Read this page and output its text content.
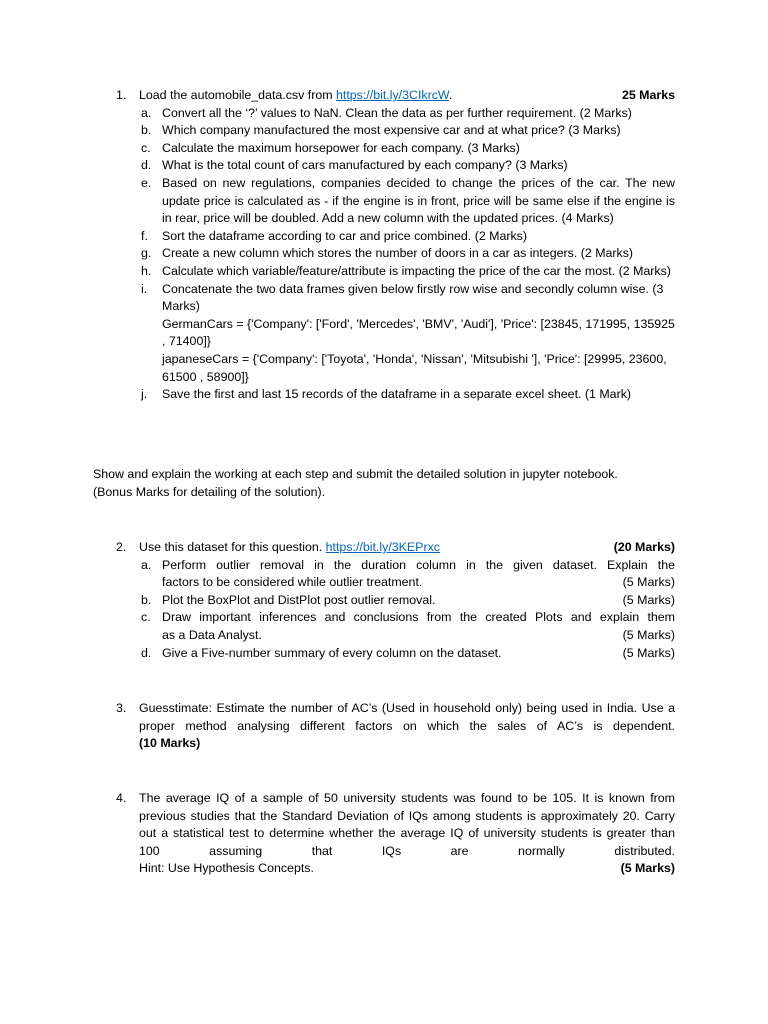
1.	Load the automobile_data.csv from https://bit.ly/3CIkrcW.	25 Marks
a. Convert all the ‘?’ values to NaN. Clean the data as per further requirement. (2 Marks)
b. Which company manufactured the most expensive car and at what price? (3 Marks)
c. Calculate the maximum horsepower for each company. (3 Marks)
d. What is the total count of cars manufactured by each company? (3 Marks)
e. Based on new regulations, companies decided to change the prices of the car. The new update price is calculated as - if the engine is in front, price will be same else if the engine is in rear, price will be doubled. Add a new column with the updated prices. (4 Marks)
f. Sort the dataframe according to car and price combined. (2 Marks)
g. Create a new column which stores the number of doors in a car as integers. (2 Marks)
h. Calculate which variable/feature/attribute is impacting the price of the car the most. (2 Marks)
i. Concatenate the two data frames given below firstly row wise and secondly column wise. (3 Marks)
GermanCars = {'Company': ['Ford', 'Mercedes', 'BMV', 'Audi'], 'Price': [23845, 171995, 135925 , 71400]}
japaneseCars = {'Company': ['Toyota', 'Honda', 'Nissan', 'Mitsubishi '], 'Price': [29995, 23600, 61500 , 58900]}
j. Save the first and last 15 records of the dataframe in a separate excel sheet. (1 Mark)
Show and explain the working at each step and submit the detailed solution in jupyter notebook.
(Bonus Marks for detailing of the solution).
2.	Use this dataset for this question. https://bit.ly/3KEPrxc	(20 Marks)
a. Perform outlier removal in the duration column in the given dataset. Explain the
factors to be considered while outlier treatment.	(5 Marks)
b. Plot the BoxPlot and DistPlot post outlier removal.	(5 Marks)
c. Draw important inferences and conclusions from the created Plots and explain them
as a Data Analyst.	(5 Marks)
d. Give a Five-number summary of every column on the dataset.	(5 Marks)
3.	Guesstimate: Estimate the number of AC’s (Used in household only) being used in India. Use a proper method analysing different factors on which the sales of AC’s is dependent.
(10 Marks)
4.	The average IQ of a sample of 50 university students was found to be 105. It is known from previous studies that the Standard Deviation of IQs among students is approximately 20. Carry out a statistical test to determine whether the average IQ of university students is greater than 100 assuming that IQs are normally distributed.
Hint: Use Hypothesis Concepts.	(5 Marks)
